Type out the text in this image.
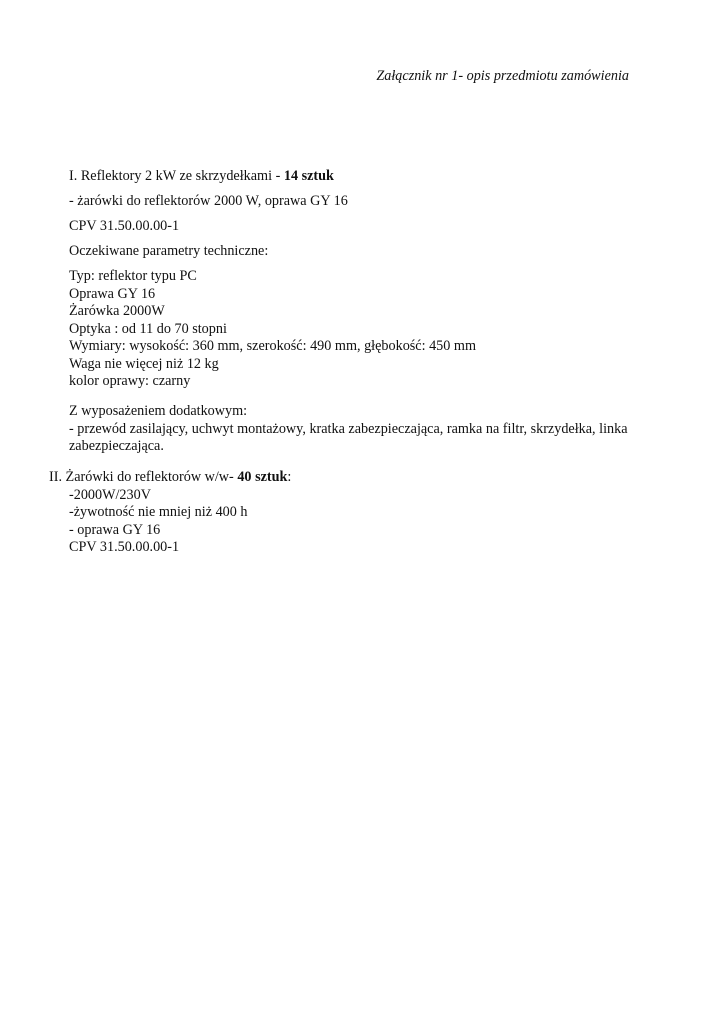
Załącznik nr 1- opis przedmiotu zamówienia
I. Reflektory 2 kW ze skrzydełkami - 14 sztuk
- żarówki do reflektorów 2000 W, oprawa GY 16
CPV 31.50.00.00-1
Oczekiwane parametry techniczne:
Typ: reflektor typu PC
Oprawa GY 16
Żarówka 2000W
Optyka : od 11 do 70 stopni
Wymiary: wysokość: 360 mm, szerokość: 490 mm, głębokość: 450 mm
Waga nie więcej niż 12 kg
kolor oprawy: czarny
Z wyposażeniem dodatkowym:
- przewód zasilający, uchwyt montażowy, kratka zabezpieczająca, ramka na filtr, skrzydełka, linka zabezpieczająca.
II. Żarówki do reflektorów w/w- 40 sztuk:
-2000W/230V
-żywotność nie mniej niż 400 h
- oprawa GY 16
CPV 31.50.00.00-1
